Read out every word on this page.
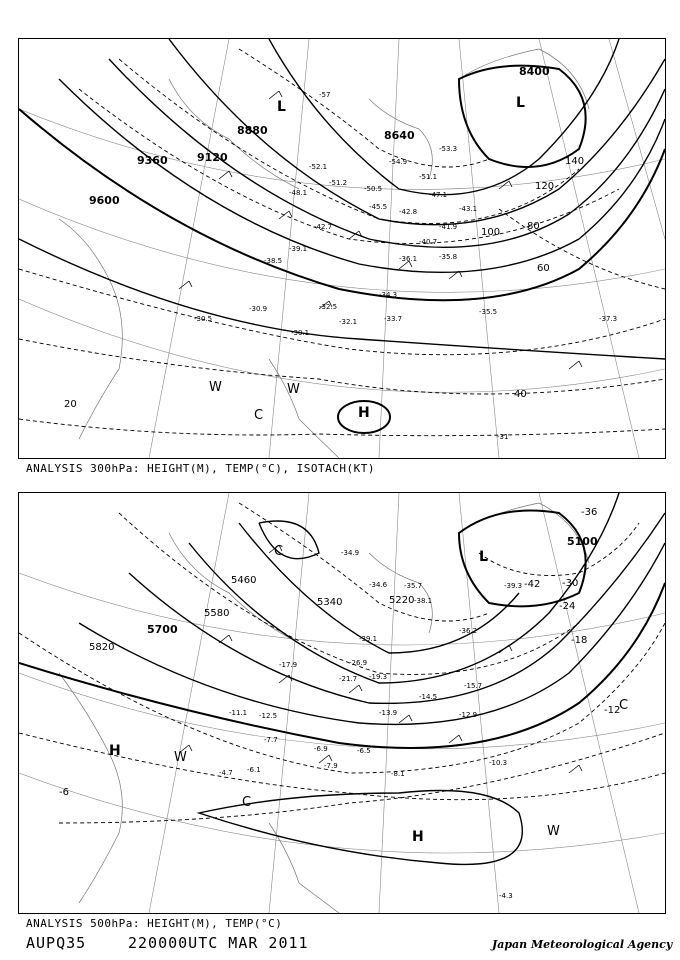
9600
9360	9120
8880	8640
8400
20
40
60
80
100
120
140
-57
-53.3
-54.9
-52.1
-51.1
-51.2
-50.5
-48.1	-47.1
-45.5	-43.1
-42.7
-42.8
-41.9
-40.7
-39.1
-38.5	-36.1	-35.8
-34.3
-33.7
-32.5
-32.1
-30.9
-30.5
-30.1
-37.3
-35.5
-31
L	L
H
W	W
C
ANALYSIS 300hPa: HEIGHT(M), TEMP(°C), ISOTACH(KT)
5820
5700
5580
5460
5340	5220
5100
-6
-12
-18
-24
-30
-36
-42
-39.3
-34.9
-34.6
-38.1
-35.7
-36.2
-39.1
-26.9
-21.7 -19.3
-17.9
-15.7
-14.5
-13.9	-12.9
-12.5
-11.1
-7.9
-7.7
-6.9	-6.5
-6.1
-4.7
-4.3
-10.3
-8.1
L
H
H
C
C
C
W
W
ANALYSIS 500hPa: HEIGHT(M), TEMP(°C)
AUPQ35	220000UTC MAR 2011	Japan Meteorological Agency
